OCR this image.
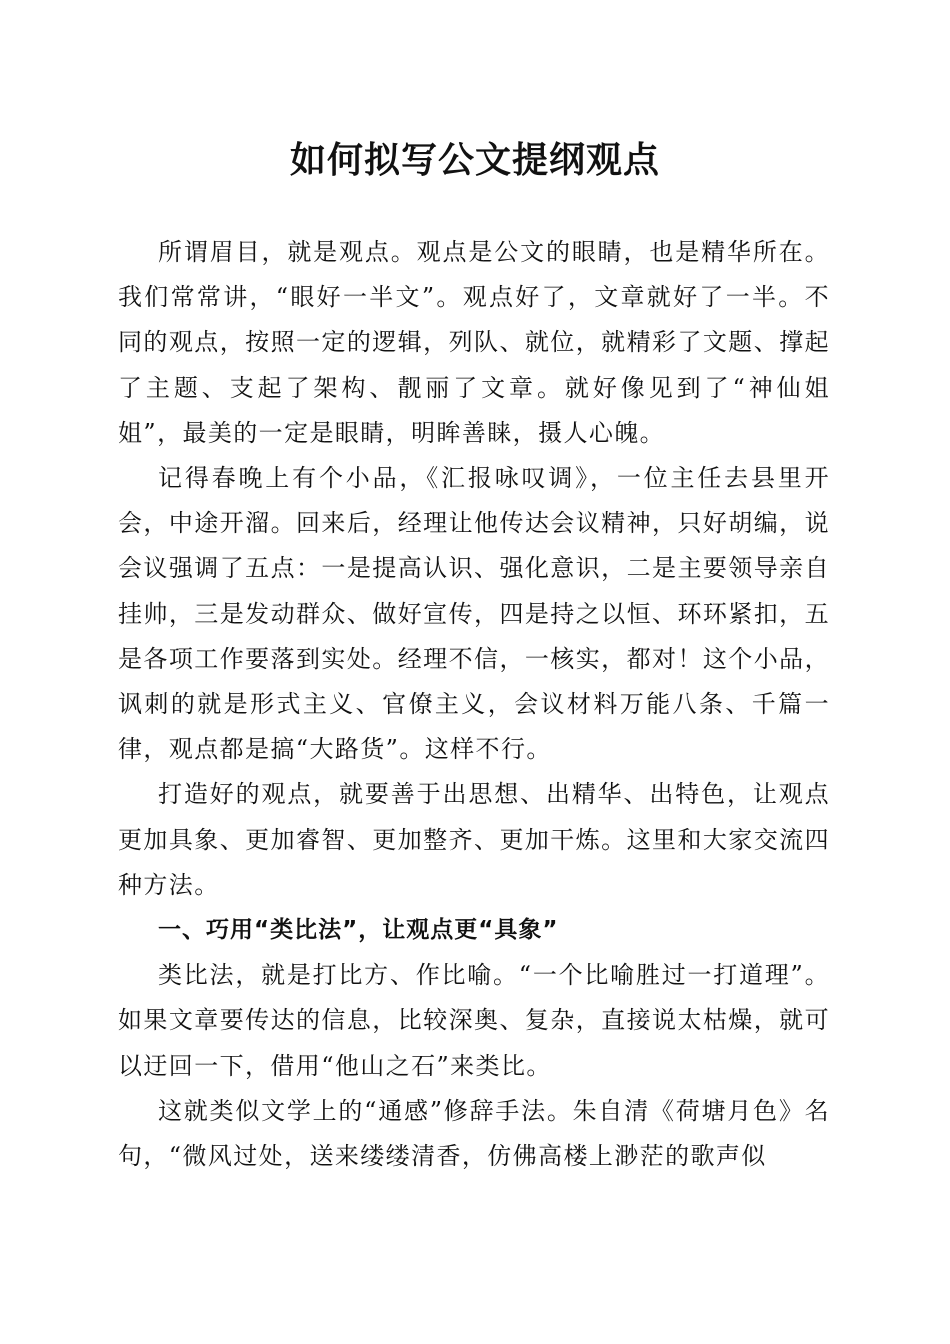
如何拟写公文提纲观点

所谓眉目，就是观点。观点是公文的眼睛，也是精华所在。我们常常讲，“眼好一半文”。观点好了，文章就好了一半。不同的观点，按照一定的逻辑，列队、就位，就精彩了文题、撑起了主题、支起了架构、靓丽了文章。就好像见到了“神仙姐姐”，最美的一定是眼睛，明眸善睐，摄人心魄。

记得春晚上有个小品，《汇报咏叹调》，一位主任去县里开会，中途开溜。回来后，经理让他传达会议精神，只好胡编，说会议强调了五点：一是提高认识、强化意识，二是主要领导亲自挂帅，三是发动群众、做好宣传，四是持之以恒、环环紧扣，五是各项工作要落到实处。经理不信，一核实，都对！这个小品，讽刺的就是形式主义、官僚主义，会议材料万能八条、千篇一律，观点都是搞“大路货”。这样不行。

打造好的观点，就要善于出思想、出精华、出特色，让观点更加具象、更加睿智、更加整齐、更加干炼。这里和大家交流四种方法。

一、巧用“类比法”，让观点更“具象”

类比法，就是打比方、作比喻。“一个比喻胜过一打道理”。如果文章要传达的信息，比较深奥、复杂，直接说太枯燥，就可以迂回一下，借用“他山之石”来类比。

这就类似文学上的“通感”修辞手法。朱自清《荷塘月色》名句，“微风过处，送来缕缕清香，仿佛高楼上渺茫的歌声似
